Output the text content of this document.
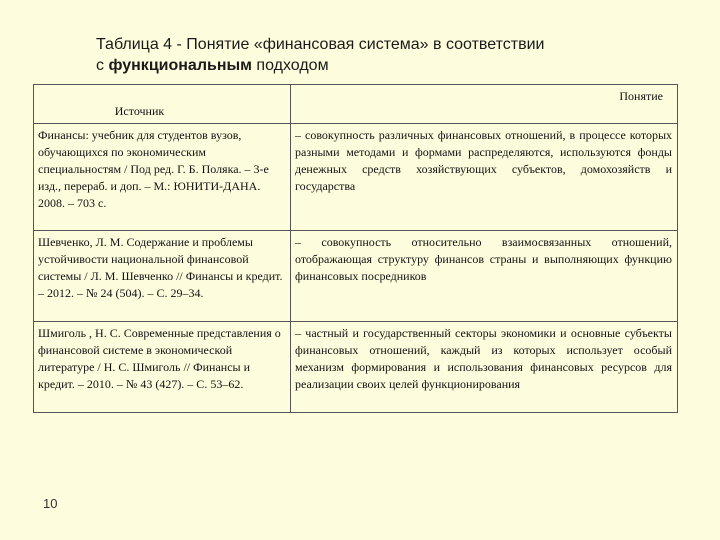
Таблица 4 - Понятие «финансовая система» в соответствии
с функциональным подходом
Источник	Понятие
Финансы: учебник для студентов вузов, обучающихся по экономическим специальностям / Под ред. Г. Б. Поляка. – 3-е изд., перераб. и доп. – М.: ЮНИТИ-ДАНА. 2008. – 703 с.	– совокупность различных финансовых отношений, в процессе которых разными методами и формами распределяются, используются фонды денежных средств хозяйствующих субъектов, домохозяйств и государства
Шевченко, Л. М. Содержание и проблемы устойчивости национальной финансовой системы / Л. М. Шевченко // Финансы и кредит. – 2012. – № 24 (504). – С. 29–34.	– совокупность относительно взаимосвязанных отношений, отображающая структуру финансов страны и выполняющих функцию финансовых посредников
Шмиголь , Н. С. Современные представления о финансовой системе в экономической литературе / Н. С. Шмиголь // Финансы и кредит. – 2010. – № 43 (427). – С. 53–62.	– частный и государственный секторы экономики и основные субъекты финансовых отношений, каждый из которых использует особый механизм формирования и использования финансовых ресурсов для реализации своих целей функционирования
10
